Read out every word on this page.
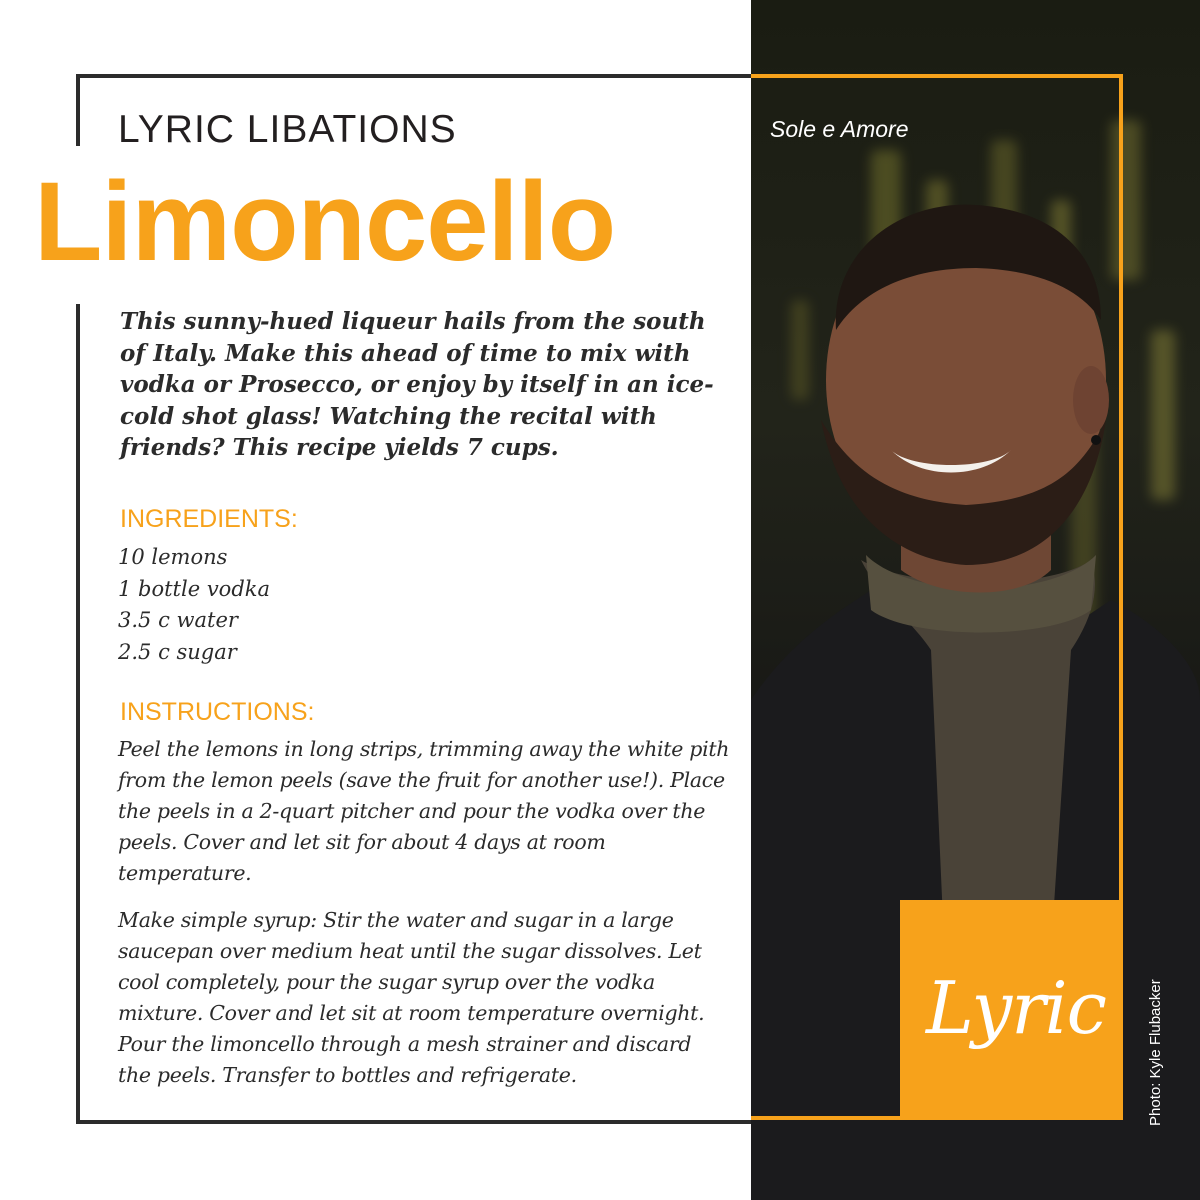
LYRIC LIBATIONS
Limoncello

This sunny-hued liqueur hails from the south of Italy. Make this ahead of time to mix with vodka or Prosecco, or enjoy by itself in an ice-cold shot glass! Watching the recital with friends? This recipe yields 7 cups.

INGREDIENTS:
10 lemons
1 bottle vodka
3.5 c water
2.5 c sugar
INSTRUCTIONS:

Peel the lemons in long strips, trimming away the white pith from the lemon peels (save the fruit for another use!). Place the peels in a 2-quart pitcher and pour the vodka over the peels. Cover and let sit for about 4 days at room temperature.

Make simple syrup: Stir the water and sugar in a large saucepan over medium heat until the sugar dissolves. Let cool completely, pour the sugar syrup over the vodka mixture. Cover and let sit at room temperature overnight. Pour the limoncello through a mesh strainer and discard the peels. Transfer to bottles and refrigerate.

Sole e Amore

Lyric	Photo: Kyle Flubacker
